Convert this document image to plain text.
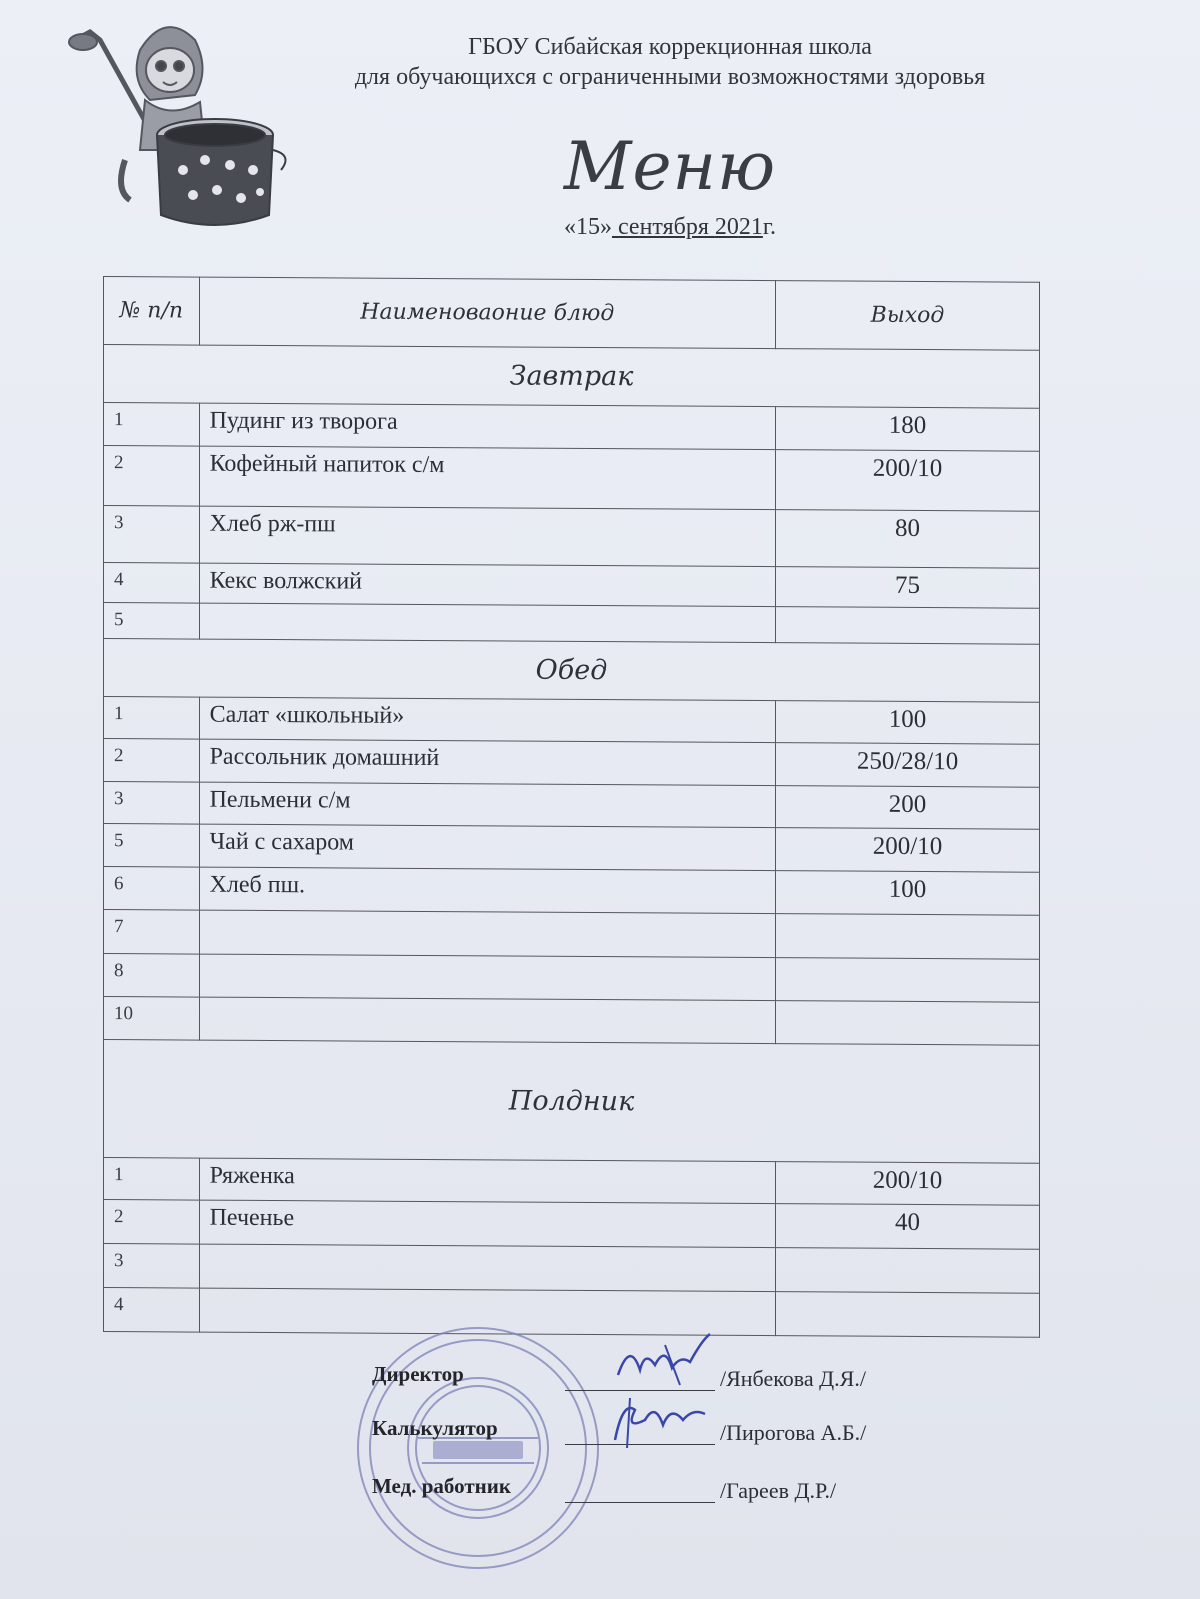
ГБОУ Сибайская коррекционная школа
для обучающихся с ограниченными возможностями здоровья
Меню
«15» сентября 2021г.
№ п/п	Наименоваоние блюд	Выход
Завтрак		
1	Пудинг из творога	180
2	Кофейный напиток с/м	200/10
3	Хлеб рж-пш	80
4	Кекс волжский	75
5		
Обед		
1	Салат «школьный»	100
2	Рассольник домашний	250/28/10
3	Пельмени с/м	200
5	Чай с сахаром	200/10
6	Хлеб пш.	100
7		
8		
10		
Полдник		
1	Ряженка	200/10
2	Печенье	40
3		
4		
Директор	/Янбекова Д.Я./
Калькулятор	/Пирогова А.Б./
Мед. работник	/Гареев Д.Р./
